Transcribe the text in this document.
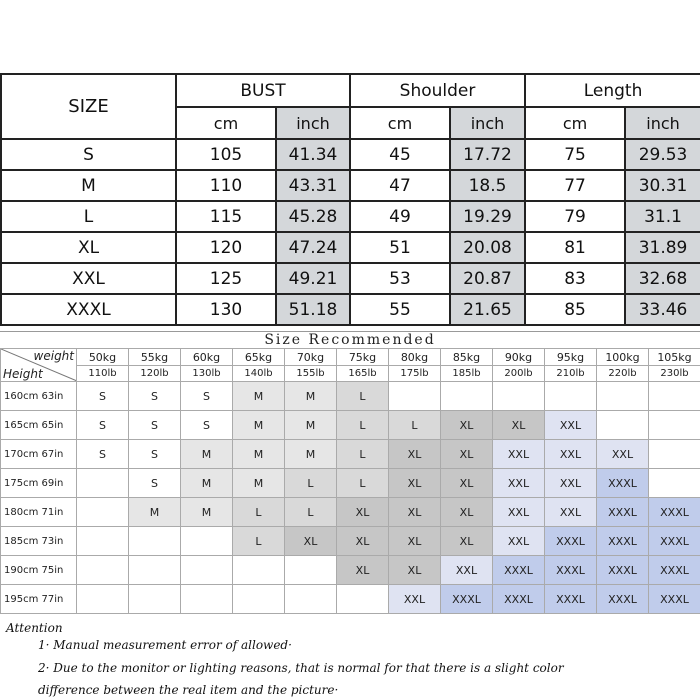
SIZE	BUST		Shoulder		Length	
	cm	inch	cm	inch	cm	inch
S	105	41.34	45	17.72	75	29.53
M	110	43.31	47	18.5	77	30.31
L	115	45.28	49	19.29	79	31.1
XL	120	47.24	51	20.08	81	31.89
XXL	125	49.21	53	20.87	83	32.68
XXXL	130	51.18	55	21.65	85	33.46
Size Recommended
weight
Height	50kg	55kg	60kg	65kg	70kg	75kg	80kg	85kg	90kg	95kg	100kg	105kg
	110lb	120lb	130lb	140lb	155lb	165lb	175lb	185lb	200lb	210lb	220lb	230lb
160cm 63in	S	S	S	M	M	L						
165cm 65in	S	S	S	M	M	L	L	XL	XL	XXL		
170cm 67in	S	S	M	M	M	L	XL	XL	XXL	XXL	XXL	
175cm 69in		S	M	M	L	L	XL	XL	XXL	XXL	XXXL	
180cm 71in		M	M	L	L	XL	XL	XL	XXL	XXL	XXXL	XXXL
185cm 73in				L	XL	XL	XL	XL	XXL	XXXL	XXXL	XXXL
190cm 75in						XL	XL	XXL	XXXL	XXXL	XXXL	XXXL
195cm 77in							XXL	XXXL	XXXL	XXXL	XXXL	XXXL
Attention
1· Manual measurement error of allowed·
2· Due to the monitor or lighting reasons, that is normal for that there is a slight color
difference between the real item and the picture·
